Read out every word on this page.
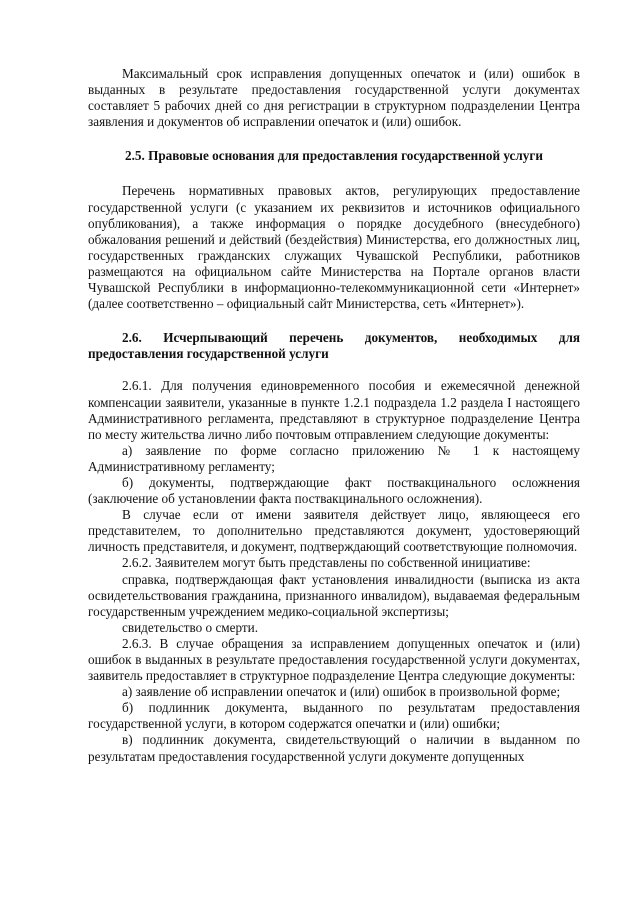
Максимальный срок исправления допущенных опечаток и (или) ошибок в выданных в результате предоставления государственной услуги документах составляет 5 рабочих дней со дня регистрации в структурном подразделении Центра заявления и документов об исправлении опечаток и (или) ошибок.

2.5. Правовые основания для предоставления государственной услуги

Перечень нормативных правовых актов, регулирующих предоставление государственной услуги (с указанием их реквизитов и источников официального опубликования), а также информация о порядке досудебного (внесудебного) обжалования решений и действий (бездействия) Министерства, его должностных лиц, государственных гражданских служащих Чувашской Республики, работников размещаются на официальном сайте Министерства на Портале органов власти Чувашской Республики в информационно-телекоммуникационной сети «Интернет» (далее соответственно – официальный сайт Министерства, сеть «Интернет»).

2.6. Исчерпывающий перечень документов, необходимых для предоставления государственной услуги

2.6.1. Для получения единовременного пособия и ежемесячной денежной компенсации заявители, указанные в пункте 1.2.1 подраздела 1.2 раздела I настоящего Административного регламента, представляют в структурное подразделение Центра по месту жительства лично либо почтовым отправлением следующие документы:

а) заявление по форме согласно приложению № 1 к настоящему Административному регламенту;

б) документы, подтверждающие факт поствакцинального осложнения (заключение об установлении факта поствакцинального осложнения).

В случае если от имени заявителя действует лицо, являющееся его представителем, то дополнительно представляются документ, удостоверяющий личность представителя, и документ, подтверждающий соответствующие полномочия.

2.6.2. Заявителем могут быть представлены по собственной инициативе:

справка, подтверждающая факт установления инвалидности (выписка из акта освидетельствования гражданина, признанного инвалидом), выдаваемая федеральным государственным учреждением медико-социальной экспертизы;

свидетельство о смерти.

2.6.3. В случае обращения за исправлением допущенных опечаток и (или) ошибок в выданных в результате предоставления государственной услуги документах, заявитель предоставляет в структурное подразделение Центра следующие документы:

а) заявление об исправлении опечаток и (или) ошибок в произвольной форме;

б) подлинник документа, выданного по результатам предоставления государственной услуги, в котором содержатся опечатки и (или) ошибки;

в) подлинник документа, свидетельствующий о наличии в выданном по результатам предоставления государственной услуги документе допущенных
